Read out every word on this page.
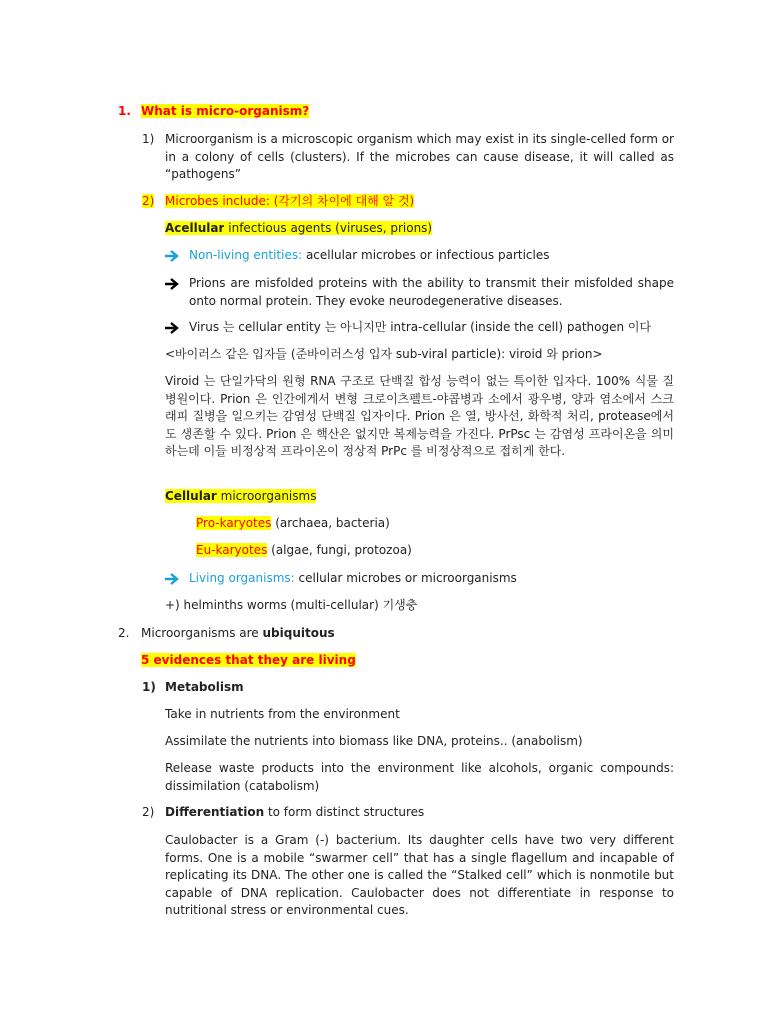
1. What is micro-organism?
1) Microorganism is a microscopic organism which may exist in its single-celled form or in a colony of cells (clusters). If the microbes can cause disease, it will called as “pathogens”
2) Microbes include: (각기의 차이에 대해 알 것)
Acellular infectious agents (viruses, prions)
Non-living entities: acellular microbes or infectious particles
Prions are misfolded proteins with the ability to transmit their misfolded shape onto normal protein. They evoke neurodegenerative diseases.
Virus 는 cellular entity 는 아니지만 intra-cellular (inside the cell) pathogen 이다
<바이러스 같은 입자들 (준바이러스성 입자 sub-viral particle): viroid 와 prion>
Viroid 는 단일가닥의 원형 RNA 구조로 단백질 합성 능력이 없는 특이한 입자다. 100% 식물 질병원이다. Prion 은 인간에게서 변형 크로이츠펠트-야콥병과 소에서 광우병, 양과 염소에서 스크래피 질병을 일으키는 감염성 단백질 입자이다. Prion 은 열, 방사선, 화학적 처리, protease에서도 생존할 수 있다. Prion 은 핵산은 없지만 복제능력을 가진다. PrPsc 는 감염성 프라이온을 의미하는데 이들 비정상적 프라이온이 정상적 PrPc 를 비정상적으로 접히게 한다.
Cellular microorganisms
Pro-karyotes (archaea, bacteria)
Eu-karyotes (algae, fungi, protozoa)
Living organisms: cellular microbes or microorganisms
+) helminths worms (multi-cellular) 기생충
2. Microorganisms are ubiquitous
5 evidences that they are living
1) Metabolism
Take in nutrients from the environment
Assimilate the nutrients into biomass like DNA, proteins.. (anabolism)
Release waste products into the environment like alcohols, organic compounds: dissimilation (catabolism)
2) Differentiation to form distinct structures
Caulobacter is a Gram (-) bacterium. Its daughter cells have two very different forms. One is a mobile “swarmer cell” that has a single flagellum and incapable of replicating its DNA. The other one is called the “Stalked cell” which is nonmotile but capable of DNA replication. Caulobacter does not differentiate in response to nutritional stress or environmental cues.
